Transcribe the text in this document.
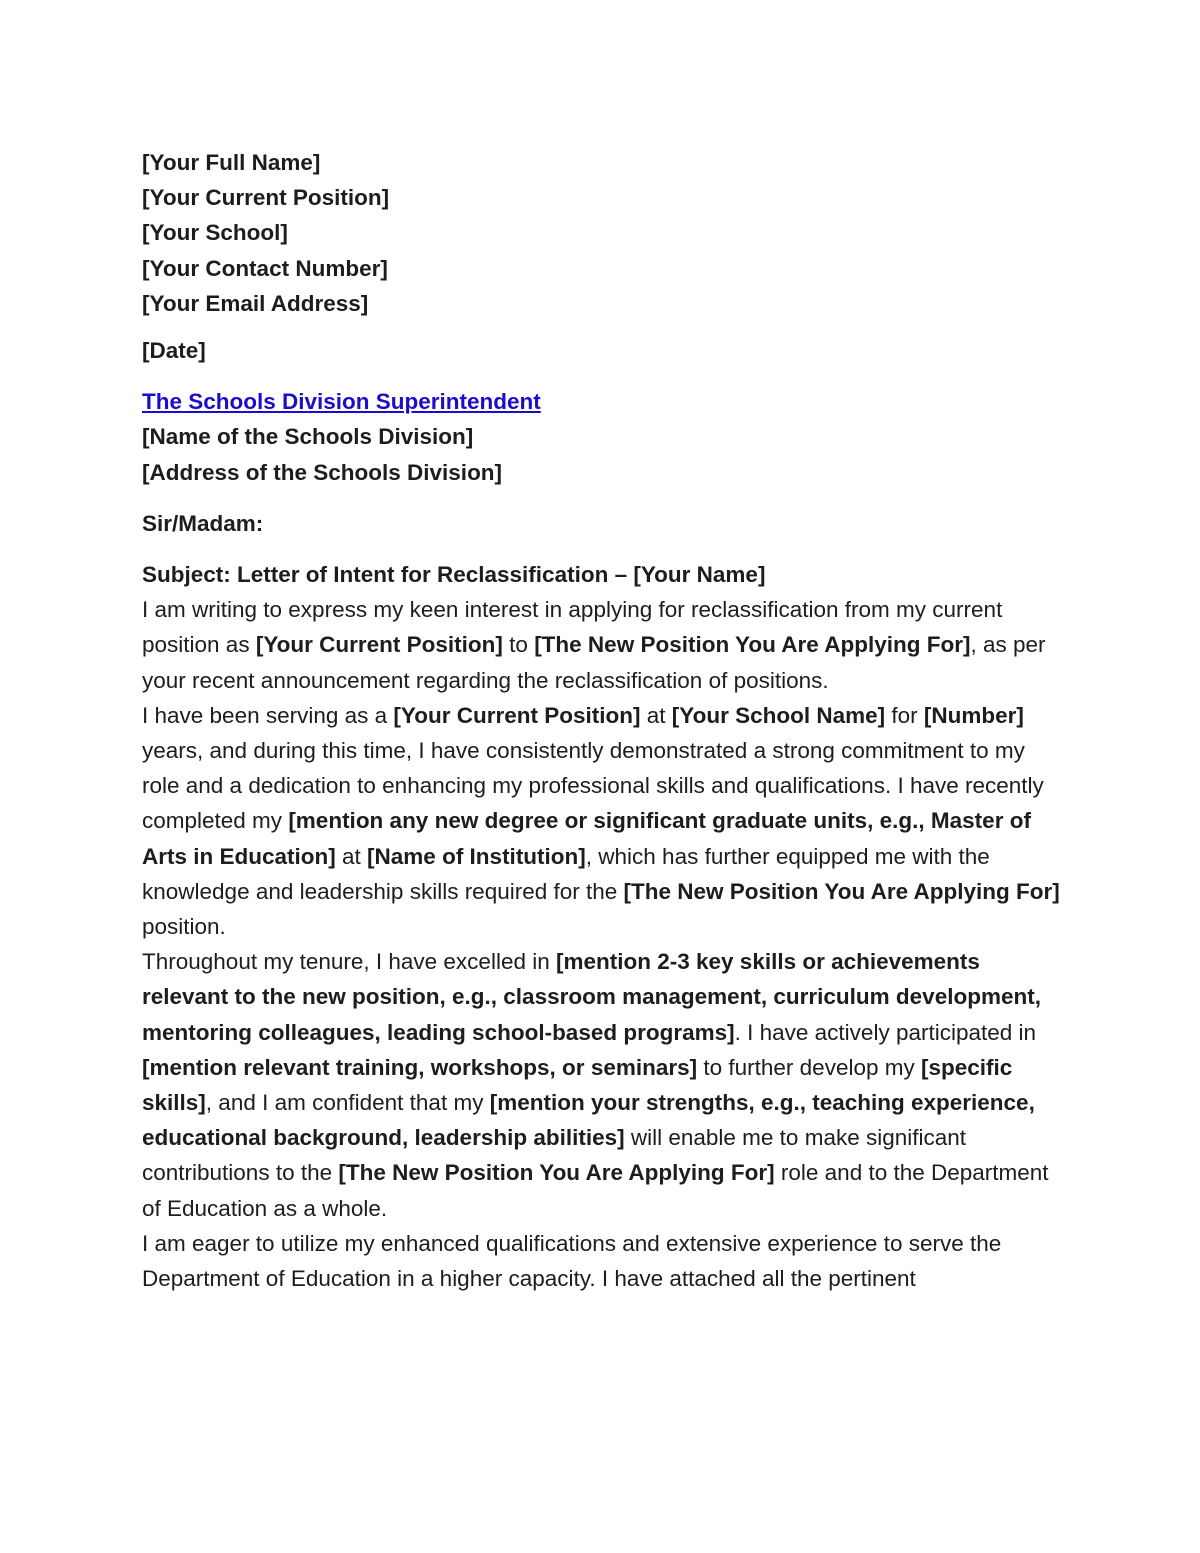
[Your Full Name]
[Your Current Position]
[Your School]
[Your Contact Number]
[Your Email Address]
[Date]
The Schools Division Superintendent
[Name of the Schools Division]
[Address of the Schools Division]
Sir/Madam:
Subject: Letter of Intent for Reclassification – [Your Name]

I am writing to express my keen interest in applying for reclassification from my current
position as [Your Current Position] to [The New Position You Are Applying For], as per
your recent announcement regarding the reclassification of positions.

I have been serving as a [Your Current Position] at [Your School Name] for [Number] years, and during this time, I have consistently demonstrated a strong commitment to my role and a dedication to enhancing my professional skills and qualifications. I have recently completed my [mention any new degree or significant graduate units, e.g., Master of Arts in Education] at [Name of Institution], which has further equipped me with the knowledge and leadership skills required for the [The New Position You Are Applying For] position.

Throughout my tenure, I have excelled in [mention 2-3 key skills or achievements relevant to the new position, e.g., classroom management, curriculum development, mentoring colleagues, leading school-based programs]. I have actively participated in [mention relevant training, workshops, or seminars] to further develop my [specific skills], and I am confident that my [mention your strengths, e.g., teaching experience, educational background, leadership abilities] will enable me to make significant contributions to the [The New Position You Are Applying For] role and to the Department of Education as a whole.

I am eager to utilize my enhanced qualifications and extensive experience to serve the Department of Education in a higher capacity. I have attached all the pertinent
